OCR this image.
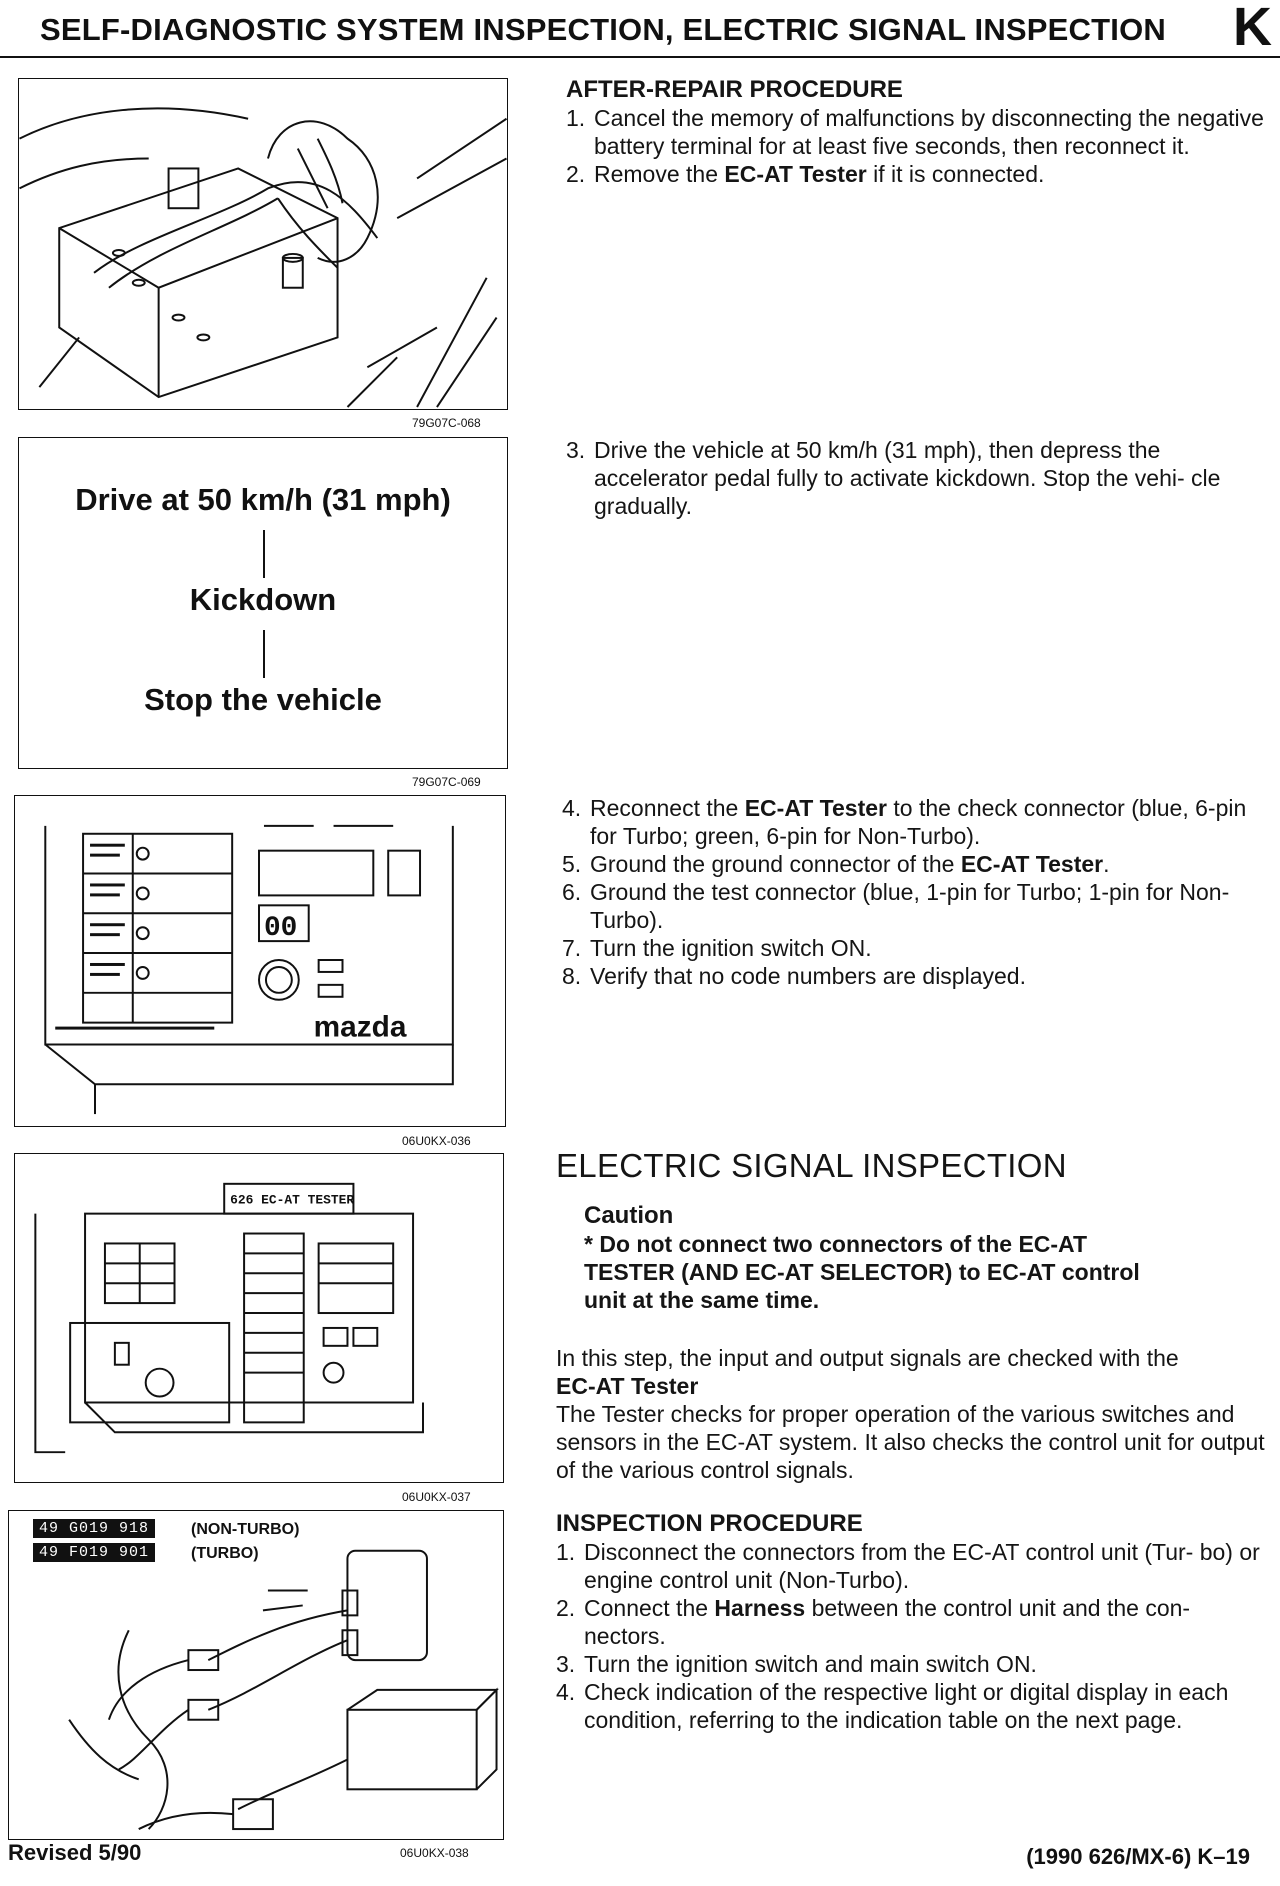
SELF-DIAGNOSTIC SYSTEM INSPECTION, ELECTRIC SIGNAL INSPECTION K
79G07C-068
Drive at 50 km/h (31 mph)
Kickdown
Stop the vehicle
79G07C-069
00
mazda
06U0KX-036
626 EC-AT TESTER
06U0KX-037
49 G019 918	(NON-TURBO)
49 F019 901	(TURBO)
06U0KX-038
AFTER-REPAIR PROCEDURE
1. Cancel the memory of malfunctions by disconnecting the negative battery terminal for at least five seconds, then reconnect it.
2. Remove the EC-AT Tester if it is connected.
3. Drive the vehicle at 50 km/h (31 mph), then depress the accelerator pedal fully to activate kickdown. Stop the vehi- cle gradually.
4. Reconnect the EC-AT Tester to the check connector (blue, 6-pin for Turbo; green, 6-pin for Non-Turbo).
5. Ground the ground connector of the EC-AT Tester.
6. Ground the test connector (blue, 1-pin for Turbo; 1-pin for Non-Turbo).
7. Turn the ignition switch ON.
8. Verify that no code numbers are displayed.
ELECTRIC SIGNAL INSPECTION
Caution
* Do not connect two connectors of the EC-AT TESTER (AND EC-AT SELECTOR) to EC-AT control unit at the same time.
In this step, the input and output signals are checked with the
EC-AT Tester
The Tester checks for proper operation of the various switches and sensors in the EC-AT system. It also checks the control unit for output of the various control signals.
INSPECTION PROCEDURE
1. Disconnect the connectors from the EC-AT control unit (Tur- bo) or engine control unit (Non-Turbo).
2. Connect the Harness between the control unit and the con- nectors.
3. Turn the ignition switch and main switch ON.
4. Check indication of the respective light or digital display in each condition, referring to the indication table on the next page.
Revised 5/90	(1990 626/MX-6) K–19
